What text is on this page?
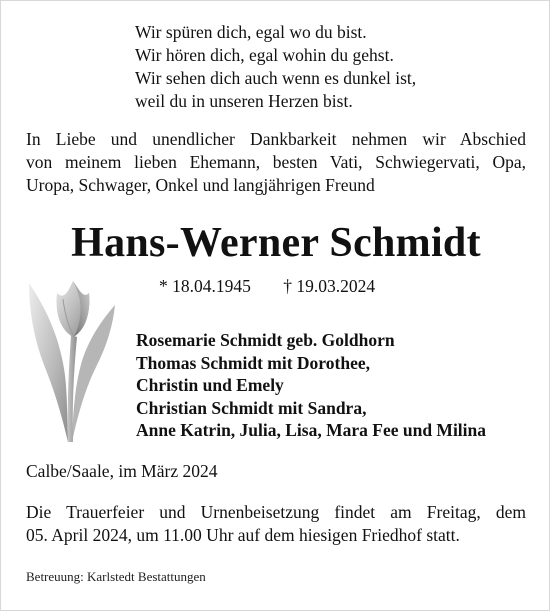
Wir spüren dich, egal wo du bist.
Wir hören dich, egal wohin du gehst.
Wir sehen dich auch wenn es dunkel ist,
weil du in unseren Herzen bist.
In Liebe und unendlicher Dankbarkeit nehmen wir Abschied
von meinem lieben Ehemann, besten Vati, Schwiegervati, Opa,
Uropa, Schwager, Onkel und langjährigen Freund
Hans-Werner Schmidt
* 18.04.1945 † 19.03.2024
Rosemarie Schmidt geb. Goldhorn
Thomas Schmidt mit Dorothee,
Christin und Emely
Christian Schmidt mit Sandra,
Anne Katrin, Julia, Lisa, Mara Fee und Milina
Calbe/Saale, im März 2024
Die Trauerfeier und Urnenbeisetzung findet am Freitag, dem
05. April 2024, um 11.00 Uhr auf dem hiesigen Friedhof statt.
Betreuung: Karlstedt Bestattungen
